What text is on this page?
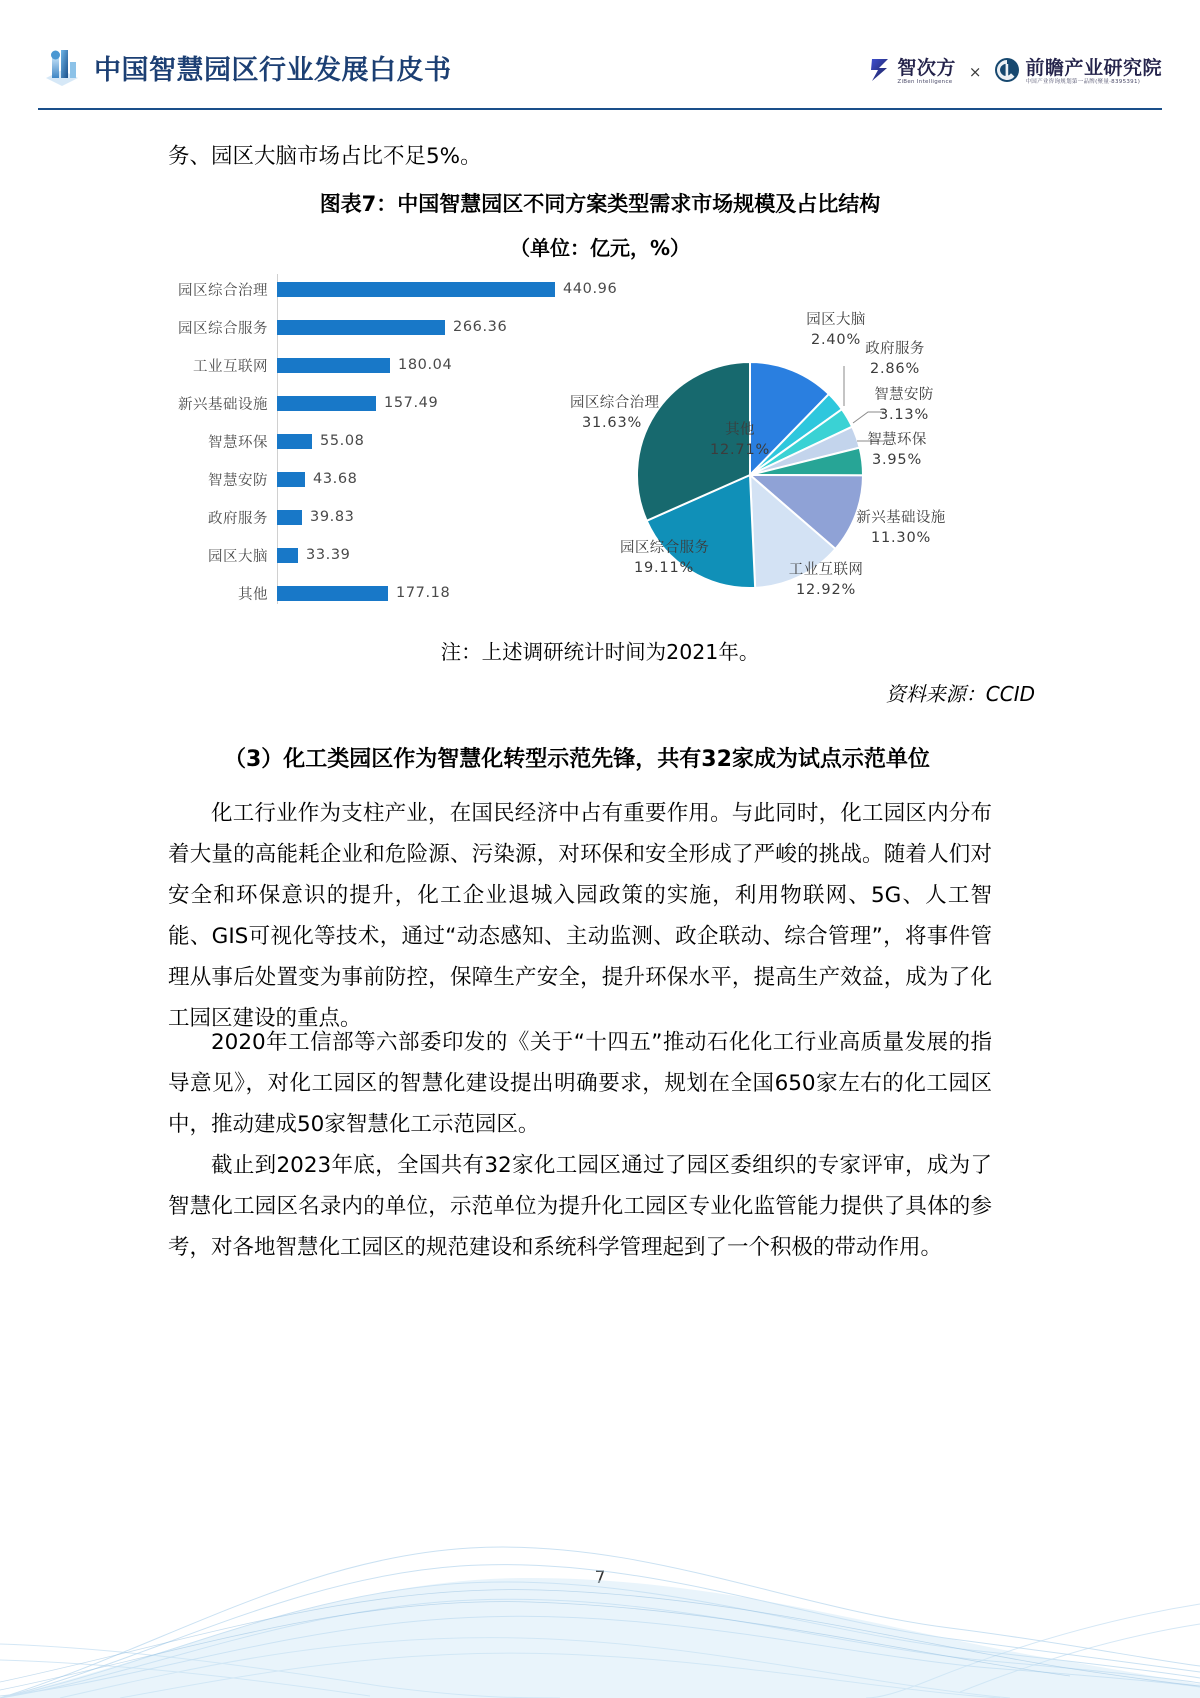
中国智慧园区行业发展白皮书	智次方
ZiBen Intelligence
× 前瞻产业研究院
中国产业咨询规划第一品牌(聚量·8395391)
务、园区大脑市场占比不足5%。
图表7：中国智慧园区不同方案类型需求市场规模及占比结构
（单位：亿元，%）
园区综合治理	440.96
园区综合服务	266.36
工业互联网	180.04
新兴基础设施	157.49
智慧环保	55.08
智慧安防	43.68
政府服务	39.83
园区大脑	33.39
其他	177.18
其他
12.71%
园区大脑
2.40%
政府服务
2.86%
智慧安防
3.13%
智慧环保
3.95%
新兴基础设施
11.30%
工业互联网
12.92%
园区综合服务
19.11%
园区综合治理
31.63%
注：上述调研统计时间为2021年。
资料来源：CCID
（3）化工类园区作为智慧化转型示范先锋，共有32家成为试点示范单位
化工行业作为支柱产业，在国民经济中占有重要作用。与此同时，化工园区内分布着大量的高能耗企业和危险源、污染源，对环保和安全形成了严峻的挑战。随着人们对安全和环保意识的提升，化工企业退城入园政策的实施，利用物联网、5G、人工智能、GIS可视化等技术，通过“动态感知、主动监测、政企联动、综合管理”，将事件管理从事后处置变为事前防控，保障生产安全，提升环保水平，提高生产效益，成为了化工园区建设的重点。
2020年工信部等六部委印发的《关于“十四五”推动石化化工行业高质量发展的指导意见》，对化工园区的智慧化建设提出明确要求，规划在全国650家左右的化工园区中，推动建成50家智慧化工示范园区。
截止到2023年底，全国共有32家化工园区通过了园区委组织的专家评审，成为了智慧化工园区名录内的单位，示范单位为提升化工园区专业化监管能力提供了具体的参考，对各地智慧化工园区的规范建设和系统科学管理起到了一个积极的带动作用。
7
